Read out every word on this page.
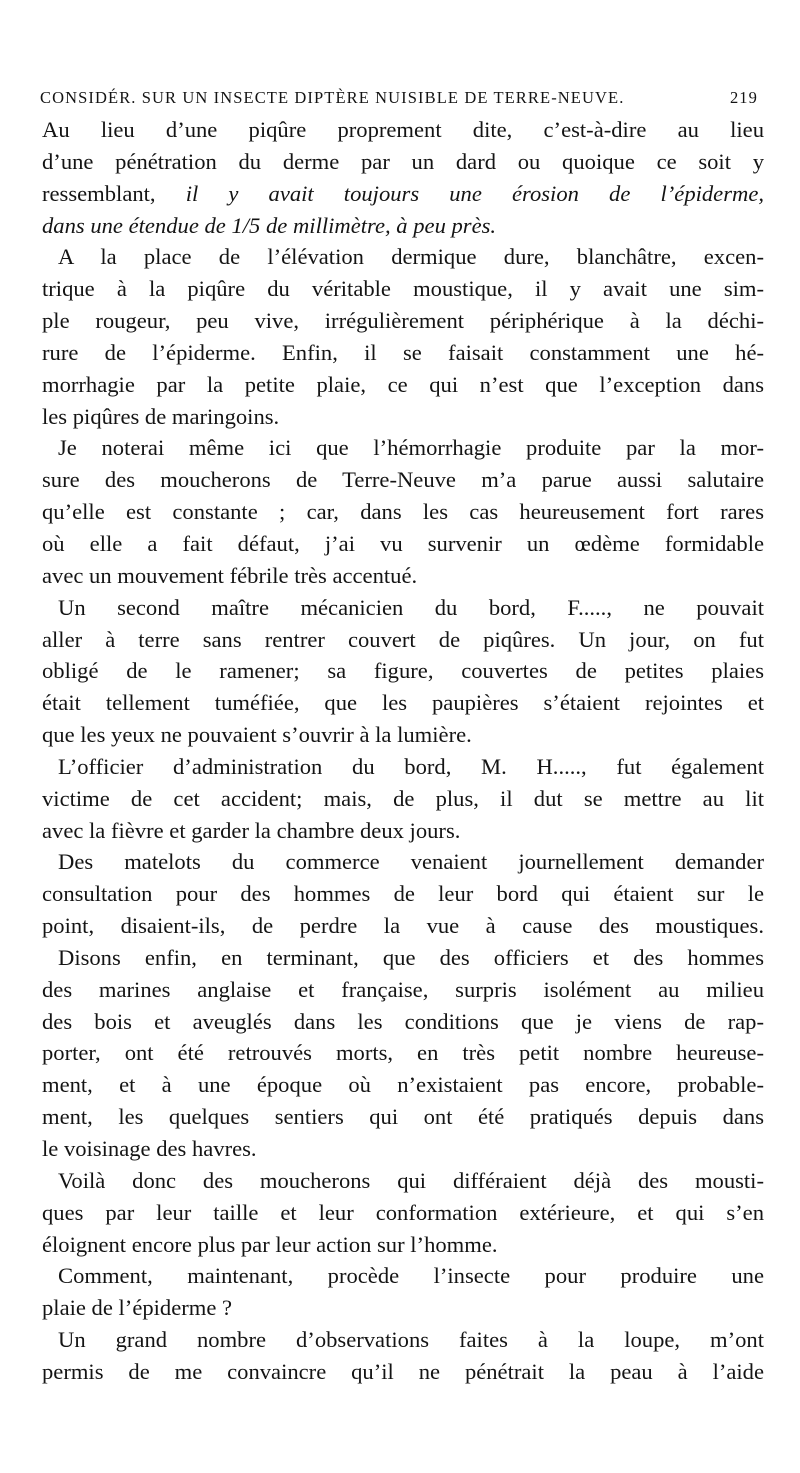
CONSIDÉR. SUR UN INSECTE DIPTÈRE NUISIBLE DE TERRE-NEUVE.	219
Au lieu d’une piqûre proprement dite, c’est-à-dire au lieu
d’une pénétration du derme par un dard ou quoique ce soit y
ressemblant, il y avait toujours une érosion de l’épiderme,
dans une étendue de 1/5 de millimètre, à peu près.
A la place de l’élévation dermique dure, blanchâtre, excen-
trique à la piqûre du véritable moustique, il y avait une sim-
ple rougeur, peu vive, irrégulièrement périphérique à la déchi-
rure de l’épiderme. Enfin, il se faisait constamment une hé-
morrhagie par la petite plaie, ce qui n’est que l’exception dans
les piqûres de maringoins.
Je noterai même ici que l’hémorrhagie produite par la mor-
sure des moucherons de Terre-Neuve m’a parue aussi salutaire
qu’elle est constante ; car, dans les cas heureusement fort rares
où elle a fait défaut, j’ai vu survenir un œdème formidable
avec un mouvement fébrile très accentué.
Un second maître mécanicien du bord, F....., ne pouvait
aller à terre sans rentrer couvert de piqûres. Un jour, on fut
obligé de le ramener; sa figure, couvertes de petites plaies
était tellement tuméfiée, que les paupières s’étaient rejointes et
que les yeux ne pouvaient s’ouvrir à la lumière.
L’officier d’administration du bord, M. H....., fut également
victime de cet accident; mais, de plus, il dut se mettre au lit
avec la fièvre et garder la chambre deux jours.
Des matelots du commerce venaient journellement demander
consultation pour des hommes de leur bord qui étaient sur le
point, disaient-ils, de perdre la vue à cause des moustiques.
Disons enfin, en terminant, que des officiers et des hommes
des marines anglaise et française, surpris isolément au milieu
des bois et aveuglés dans les conditions que je viens de rap-
porter, ont été retrouvés morts, en très petit nombre heureuse-
ment, et à une époque où n’existaient pas encore, probable-
ment, les quelques sentiers qui ont été pratiqués depuis dans
le voisinage des havres.
Voilà donc des moucherons qui différaient déjà des mousti-
ques par leur taille et leur conformation extérieure, et qui s’en
éloignent encore plus par leur action sur l’homme.
Comment, maintenant, procède l’insecte pour produire une
plaie de l’épiderme ?
Un grand nombre d’observations faites à la loupe, m’ont
permis de me convaincre qu’il ne pénétrait la peau à l’aide
